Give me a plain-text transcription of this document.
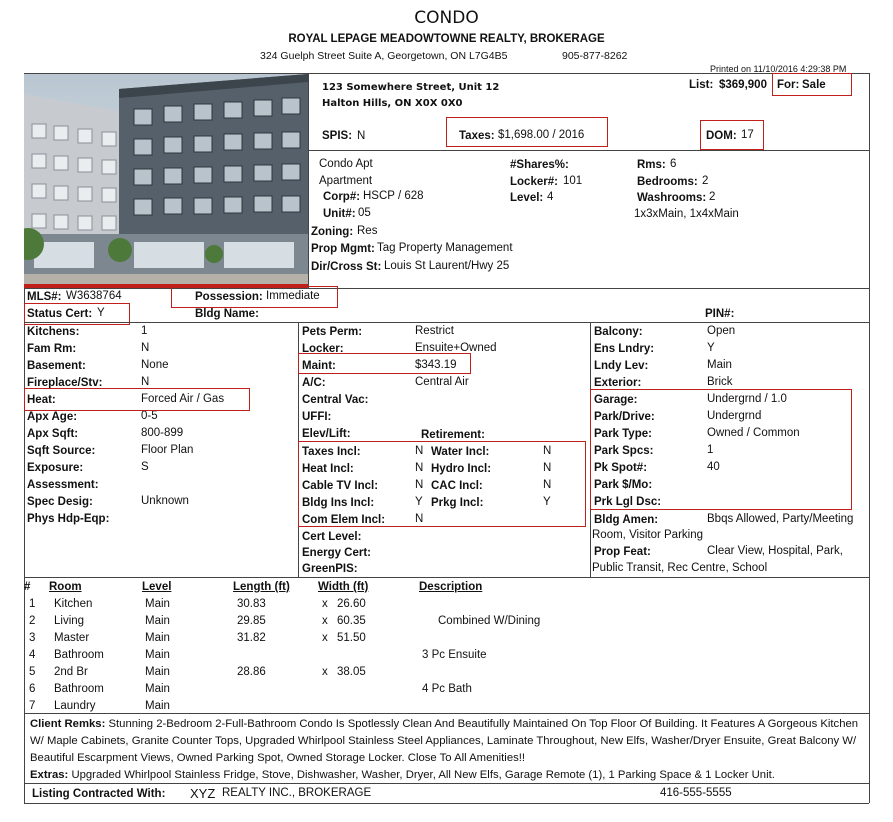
CONDO
ROYAL LEPAGE MEADOWTOWNE REALTY, BROKERAGE
324 Guelph Street Suite A, Georgetown, ON L7G4B5	905-877-8262
Printed on 11/10/2016 4:29:38 PM
123 Somewhere Street, Unit 12
Halton Hills, ON X0X 0X0
List: $369,900 For: Sale
SPIS: N	Taxes: $1,698.00 / 2016	DOM: 17
Condo Apt
Apartment
Corp#: HSCP / 628
Unit#: 05
Zoning: Res
Prop Mgmt: Tag Property Management
Dir/Cross St: Louis St Laurent/Hwy 25
#Shares%:
Locker#: 101
Level: 4
Rms: 6
Bedrooms: 2
Washrooms: 2
1x3xMain, 1x4xMain
MLS#: W3638764	Possession: Immediate
Status Cert: Y	Bldg Name:	PIN#:
Kitchens:	1
Fam Rm:	N
Basement:	None
Fireplace/Stv:	N
Heat:	Forced Air / Gas
Apx Age:	0-5
Apx Sqft:	800-899
Sqft Source:	Floor Plan
Exposure:	S
Assessment:
Spec Desig:	Unknown
Phys Hdp-Eqp:
Pets Perm:	Restrict
Locker:	Ensuite+Owned
Maint:	$343.19
A/C:	Central Air
Central Vac:
UFFI:
Elev/Lift:
Balcony:	Open
Ens Lndry:	Y
Lndy Lev:	Main
Exterior:	Brick
Garage:	Undergrnd / 1.0
Park/Drive:	Undergrnd
Park Type:	Owned / Common
Park Spcs:	1
Pk Spot#:	40
Park $/Mo:
Prk Lgl Dsc:
Retirement:
Taxes Incl:	N Water Incl:	N
Heat Incl:	N Hydro Incl:	N
Cable TV Incl:	N CAC Incl:	N
Bldg Ins Incl:	Y Prkg Incl:	Y
Com Elem Incl:	N
Cert Level:
Energy Cert:
GreenPIS:
Bldg Amen:	Bbqs Allowed, Party/Meeting
Room, Visitor Parking
Prop Feat:	Clear View, Hospital, Park,
Public Transit, Rec Centre, School
# Room	Level	Length (ft) Width (ft)	Description
1 Kitchen	Main	30.83	x 26.60
2 Living	Main	29.85	x 60.35	Combined W/Dining
3 Master	Main	31.82	x 51.50
4 Bathroom	Main	3 Pc Ensuite
5 2nd Br	Main	28.86	x 38.05
6 Bathroom	Main	4 Pc Bath
7 Laundry	Main
Client Remks: Stunning 2-Bedroom 2-Full-Bathroom Condo Is Spotlessly Clean And Beautifully Maintained On Top Floor Of Building. It Features A Gorgeous Kitchen W/ Maple Cabinets, Granite Counter Tops, Upgraded Whirlpool Stainless Steel Appliances, Laminate Throughout, New Elfs, Washer/Dryer Ensuite, Great Balcony W/ Beautiful Escarpment Views, Owned Parking Spot, Owned Storage Locker. Close To All Amenities!!
Extras: Upgraded Whirlpool Stainless Fridge, Stove, Dishwasher, Washer, Dryer, All New Elfs, Garage Remote (1), 1 Parking Space & 1 Locker Unit.
Listing Contracted With: XYZ REALTY INC., BROKERAGE	416-555-5555
